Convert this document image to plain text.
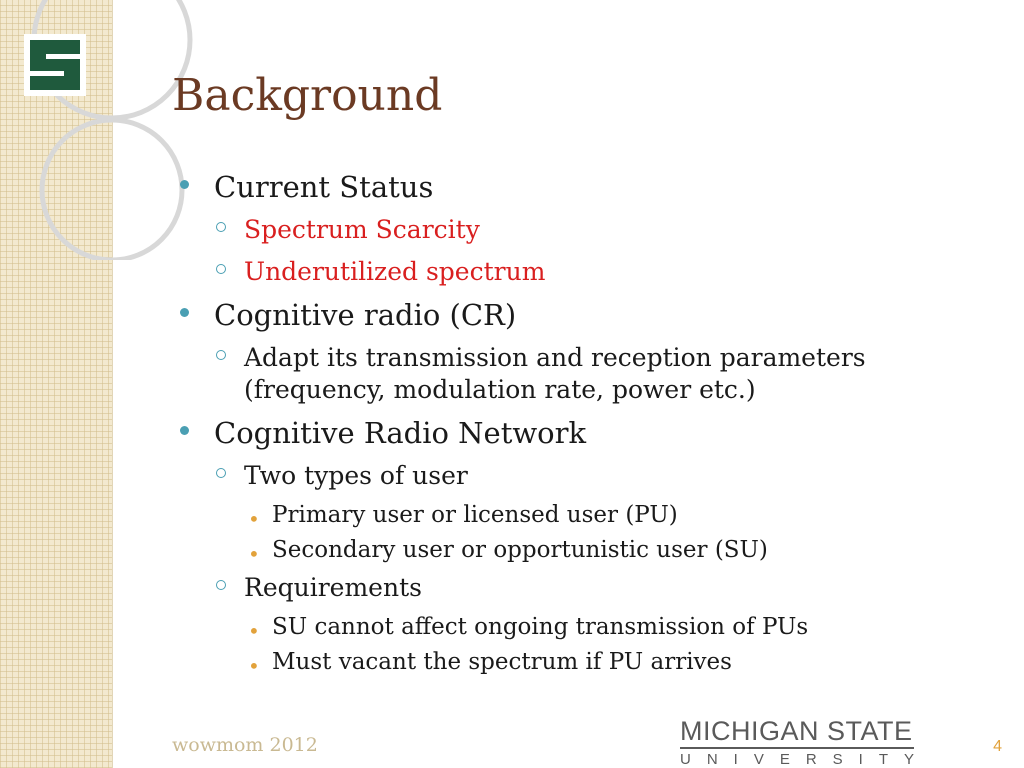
Background
Current Status
Spectrum Scarcity
Underutilized spectrum
Cognitive radio (CR)
Adapt its transmission and reception parameters (frequency, modulation rate, power etc.)
Cognitive Radio Network
Two types of user
• Primary user or licensed user (PU)
• Secondary user or opportunistic user (SU)
Requirements
• SU cannot affect ongoing transmission of PUs
• Must vacant the spectrum if PU arrives
wowmom 2012	MICHIGAN STATE
UNIVERSITY
4
